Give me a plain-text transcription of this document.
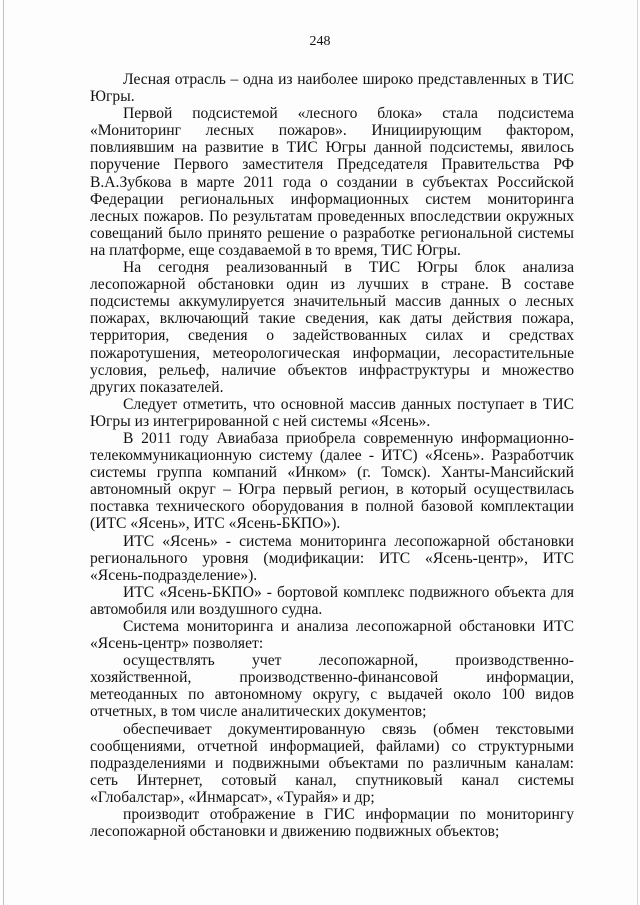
248

Лесная отрасль – одна из наиболее широко представленных в ТИС Югры.

Первой подсистемой «лесного блока» стала подсистема «Мониторинг лесных пожаров». Инициирующим фактором, повлиявшим на развитие в ТИС Югры данной подсистемы, явилось поручение Первого заместителя Председателя Правительства РФ В.А.Зубкова в марте 2011 года о создании в субъектах Российской Федерации региональных информационных систем мониторинга лесных пожаров. По результатам проведенных впоследствии окружных совещаний было принято решение о разработке региональной системы на платформе, еще создаваемой в то время, ТИС Югры.

На сегодня реализованный в ТИС Югры блок анализа лесопожарной обстановки один из лучших в стране. В составе подсистемы аккумулируется значительный массив данных о лесных пожарах, включающий такие сведения, как даты действия пожара, территория, сведения о задействованных силах и средствах пожаротушения, метеорологическая информации, лесорастительные условия, рельеф, наличие объектов инфраструктуры и множество других показателей.

Следует отметить, что основной массив данных поступает в ТИС Югры из интегрированной с ней системы «Ясень».

В 2011 году Авиабаза приобрела современную информационно-телекоммуникационную систему (далее - ИТС) «Ясень». Разработчик системы группа компаний «Инком» (г. Томск). Ханты-Мансийский автономный округ – Югра первый регион, в который осуществилась поставка технического оборудования в полной базовой комплектации (ИТС «Ясень», ИТС «Ясень-БКПО»).

ИТС «Ясень» - система мониторинга лесопожарной обстановки регионального уровня (модификации: ИТС «Ясень-центр», ИТС «Ясень-подразделение»).

ИТС «Ясень-БКПО» - бортовой комплекс подвижного объекта для автомобиля или воздушного судна.

Система мониторинга и анализа лесопожарной обстановки ИТС «Ясень-центр» позволяет:

осуществлять учет лесопожарной, производственно-хозяйственной, производственно-финансовой информации, метеоданных по автономному округу, с выдачей около 100 видов отчетных, в том числе аналитических документов;

обеспечивает документированную связь (обмен текстовыми сообщениями, отчетной информацией, файлами) со структурными подразделениями и подвижными объектами по различным каналам: сеть Интернет, сотовый канал, спутниковый канал системы «Глобалстар», «Инмарсат», «Турайя» и др;

производит отображение в ГИС информации по мониторингу лесопожарной обстановки и движению подвижных объектов;
